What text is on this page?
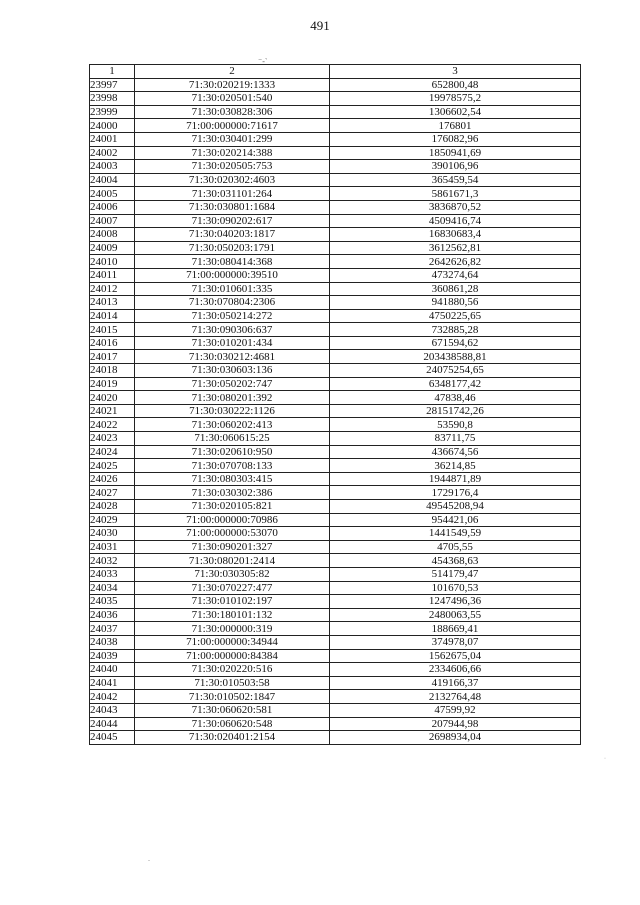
491
⁻‑`
1	2	3
23997	71:30:020219:1333	652800,48
23998	71:30:020501:540	19978575,2
23999	71:30:030828:306	1306602,54
24000	71:00:000000:71617	176801
24001	71:30:030401:299	176082,96
24002	71:30:020214:388	1850941,69
24003	71:30:020505:753	390106,96
24004	71:30:020302:4603	365459,54
24005	71:30:031101:264	5861671,3
24006	71:30:030801:1684	3836870,52
24007	71:30:090202:617	4509416,74
24008	71:30:040203:1817	16830683,4
24009	71:30:050203:1791	3612562,81
24010	71:30:080414:368	2642626,82
24011	71:00:000000:39510	473274,64
24012	71:30:010601:335	360861,28
24013	71:30:070804:2306	941880,56
24014	71:30:050214:272	4750225,65
24015	71:30:090306:637	732885,28
24016	71:30:010201:434	671594,62
24017	71:30:030212:4681	203438588,81
24018	71:30:030603:136	24075254,65
24019	71:30:050202:747	6348177,42
24020	71:30:080201:392	47838,46
24021	71:30:030222:1126	28151742,26
24022	71:30:060202:413	53590,8
24023	71:30:060615:25	83711,75
24024	71:30:020610:950	436674,56
24025	71:30:070708:133	36214,85
24026	71:30:080303:415	1944871,89
24027	71:30:030302:386	1729176,4
24028	71:30:020105:821	49545208,94
24029	71:00:000000:70986	954421,06
24030	71:00:000000:53070	1441549,59
24031	71:30:090201:327	4705,55
24032	71:30:080201:2414	454368,63
24033	71:30:030305:82	514179,47
24034	71:30:070227:477	101670,53
24035	71:30:010102:197	1247496,36
24036	71:30:180101:132	2480063,55
24037	71:30:000000:319	188669,41
24038	71:00:000000:34944	374978,07
24039	71:00:000000:84384	1562675,04
24040	71:30:020220:516	2334606,66
24041	71:30:010503:58	419166,37
24042	71:30:010502:1847	2132764,48
24043	71:30:060620:581	47599,92
24044	71:30:060620:548	207944,98
24045	71:30:020401:2154	2698934,04
·
-
